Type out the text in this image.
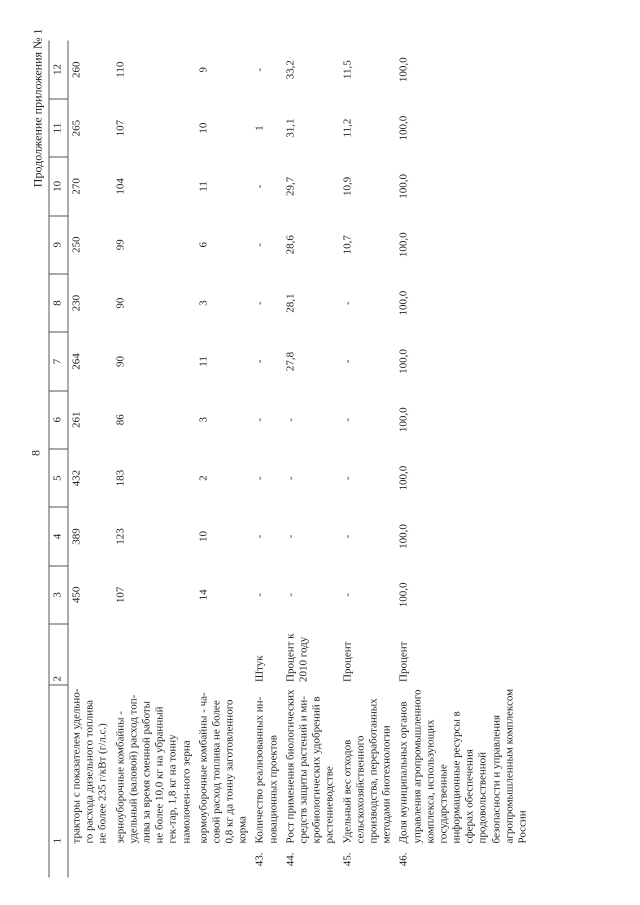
8
Продолжение приложения № 1
	1	2	3	4	5	6	7	8	9	10	11	12
	тракторы с показателем удельно-го расхода дизельного топлива не более 235 г/кВт (г/л.с.)		450	389	432	261	264	230	250	270	265	260
	зерноуборочные комбайны - удельный (валовой) расход топ-лива за время сменной работы не более 10,0 кг на убранный гек-тар, 1,8 кг на тонну намолочен-ного зерна		107	123	183	86	90	90	99	104	107	110
	кормоуборочные комбайны - ча-совой расход топлива не более 0,8 кг да тонну заготовленного корма		14	10	2	3	11	3	6	11	10	9
43.	Количество реализованных ин-новационных проектов	Штук	-	-	-	-	-	-	-	-	1	-
44.	Рост применения биологических средств защиты растений и ми-кробиологических удобрений в растениеводстве	Процент к 2010 году	-	-	-	-	27,8	28,1	28,6	29,7	31,1	33,2
45.	Удельный вес отходов сельскохозяйственного производства, переработанных методами биотехнологии	Процент	-	-	-	-	-	-	10,7	10,9	11,2	11,5
46.	Доля муниципальных органов управления агропромышленного комплекса, использующих государственные информационные ресурсы в сферах обеспечения продовольственной безопасности и управления агропромышленным комплексом России	Процент	100,0	100,0	100,0	100,0	100,0	100,0	100,0	100,0	100,0	100,0
